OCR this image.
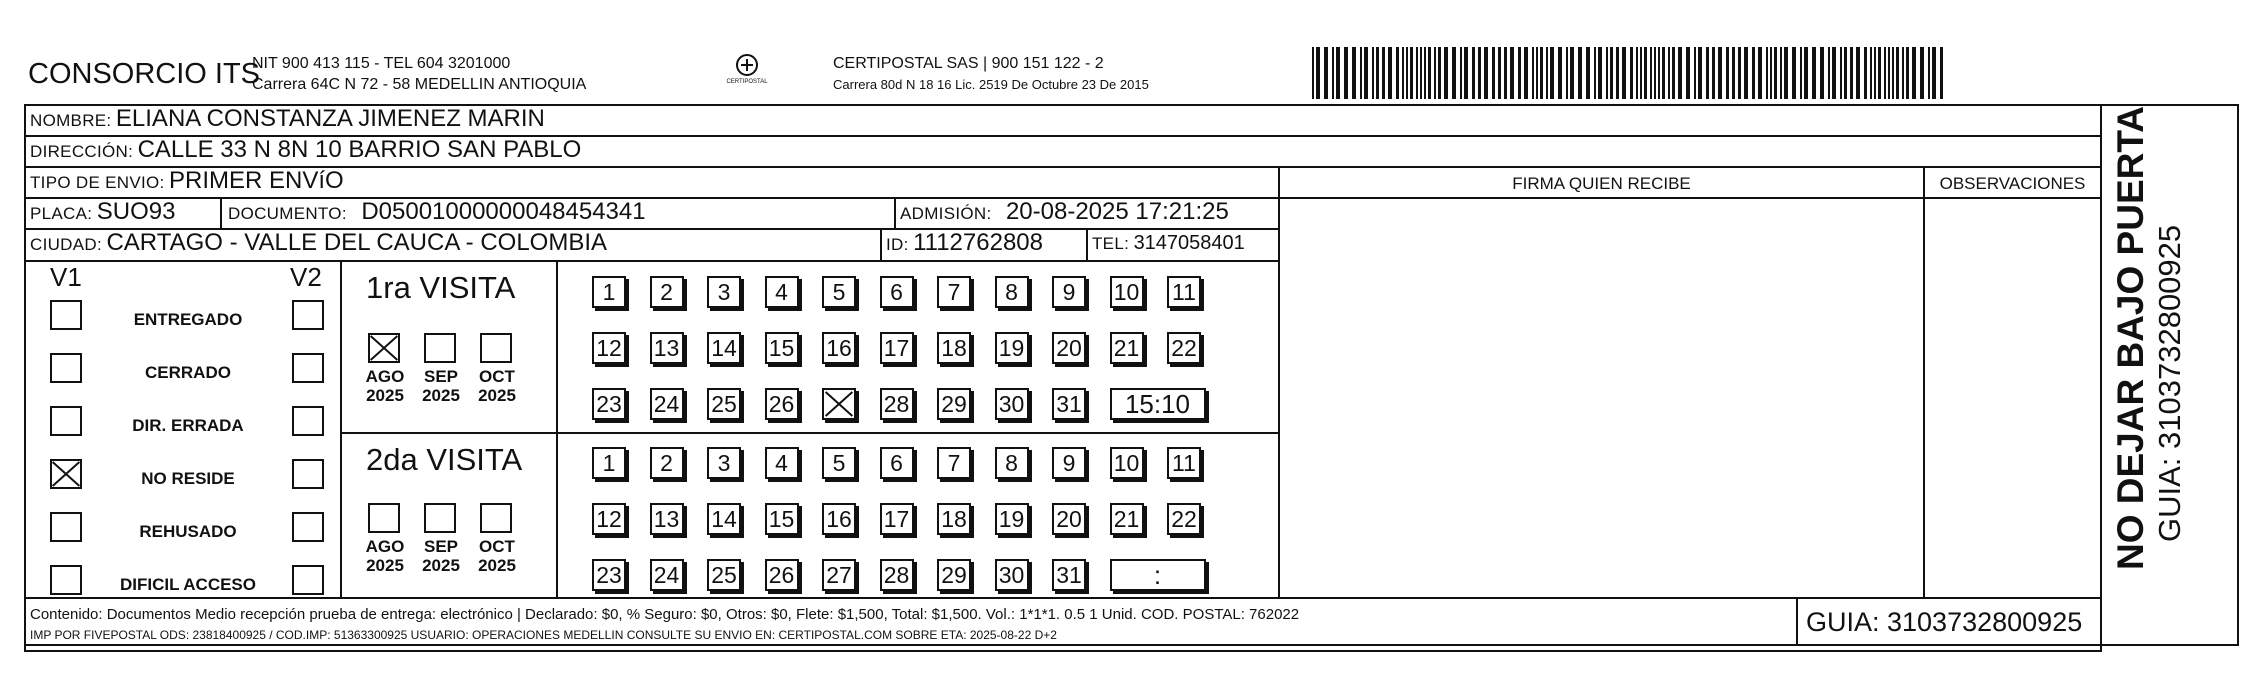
CONSORCIO ITS
NIT 900 413 115 - TEL 604 3201000
Carrera 64C N 72 - 58 MEDELLIN ANTIOQUIA	CERTIPOSTAL
CERTIPOSTAL SAS | 900 151 122 - 2
Carrera 80d N 18 16 Lic. 2519 De Octubre 23 De 2015
NOMBRE: ELIANA CONSTANZA JIMENEZ MARIN
DIRECCIÓN: CALLE 33 N 8N 10 BARRIO SAN PABLO
TIPO DE ENVIO: PRIMER ENVíO	FIRMA QUIEN RECIBE	OBSERVACIONES
PLACA: SUO93	DOCUMENTO: D05001000000048454341	ADMISIÓN: 20-08-2025 17:21:25
CIUDAD: CARTAGO - VALLE DEL CAUCA - COLOMBIA	ID: 1112762808	TEL: 3147058401
V1	V2
ENTREGADO
CERRADO
DIR. ERRADA
NO RESIDE
REHUSADO
DIFICIL ACCESO
1ra VISITA
AGO
2025
SEP
2025
OCT
2025
1	2	3	4	5	6	7	8	9	10 11
12 13 14 15 16 17 18 19 20 21 22
23 24 25 26	28 29 30 31	15:10
2da VISITA
AGO
2025
SEP
2025
OCT
2025
1	2	3	4	5	6	7	8	9	10 11
12 13 14 15 16 17 18 19 20 21 22
23 24 25 26 27 28 29 30 31	:
Contenido: Documentos Medio recepción prueba de entrega: electrónico | Declarado: $0, % Seguro: $0, Otros: $0, Flete: $1,500, Total: $1,500. Vol.: 1*1*1. 0.5 1 Unid. COD. POSTAL: 762022
IMP POR FIVEPOSTAL ODS: 23818400925 / COD.IMP: 51363300925 USUARIO: OPERACIONES MEDELLIN CONSULTE SU ENVIO EN: CERTIPOSTAL.COM SOBRE ETA: 2025-08-22 D+2	GUIA: 3103732800925
NO DEJAR BAJO PUERTA GUIA: 3103732800925
